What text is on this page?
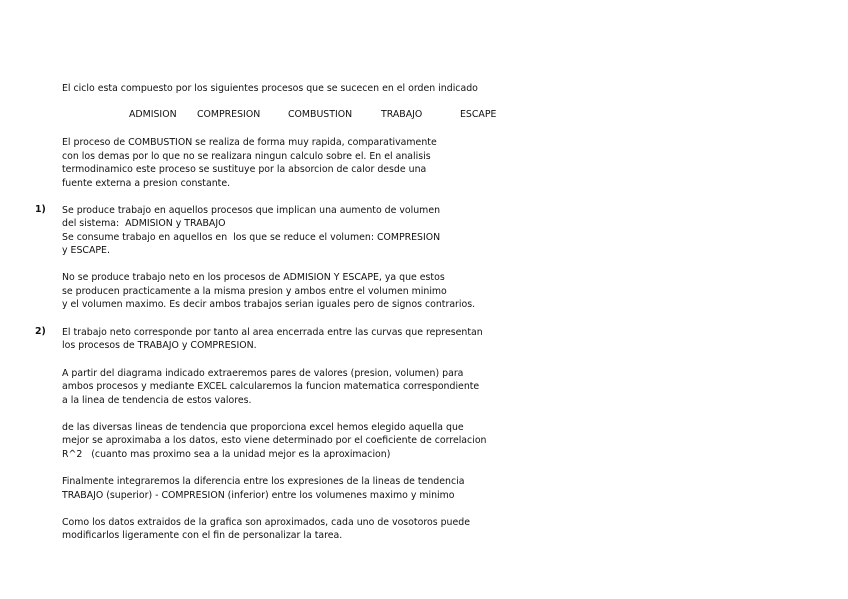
El ciclo esta compuesto por los siguientes procesos que se sucecen en el orden indicado
ADMISION COMPRESION	COMBUSTION	TRABAJO	ESCAPE
El proceso de COMBUSTION se realiza de forma muy rapida, comparativamente
con los demas por lo que no se realizara ningun calculo sobre el. En el analisis
termodinamico este proceso se sustituye por la absorcion de calor desde una
fuente externa a presion constante.
1) Se produce trabajo en aquellos procesos que implican una aumento de volumen
del sistema:  ADMISION y TRABAJO
Se consume trabajo en aquellos en  los que se reduce el volumen: COMPRESION
y ESCAPE.
No se produce trabajo neto en los procesos de ADMISION Y ESCAPE, ya que estos
se producen practicamente a la misma presion y ambos entre el volumen minimo
y el volumen maximo. Es decir ambos trabajos serian iguales pero de signos contrarios.
2) El trabajo neto corresponde por tanto al area encerrada entre las curvas que representan
los procesos de TRABAJO y COMPRESION.
A partir del diagrama indicado extraeremos pares de valores (presion, volumen) para
ambos procesos y mediante EXCEL calcularemos la funcion matematica correspondiente
a la linea de tendencia de estos valores.
de las diversas lineas de tendencia que proporciona excel hemos elegido aquella que
mejor se aproximaba a los datos, esto viene determinado por el coeficiente de correlacion
R^2   (cuanto mas proximo sea a la unidad mejor es la aproximacion)
Finalmente integraremos la diferencia entre los expresiones de la lineas de tendencia
TRABAJO (superior) - COMPRESION (inferior) entre los volumenes maximo y minimo
Como los datos extraidos de la grafica son aproximados, cada uno de vosotoros puede
modificarlos ligeramente con el fin de personalizar la tarea.
